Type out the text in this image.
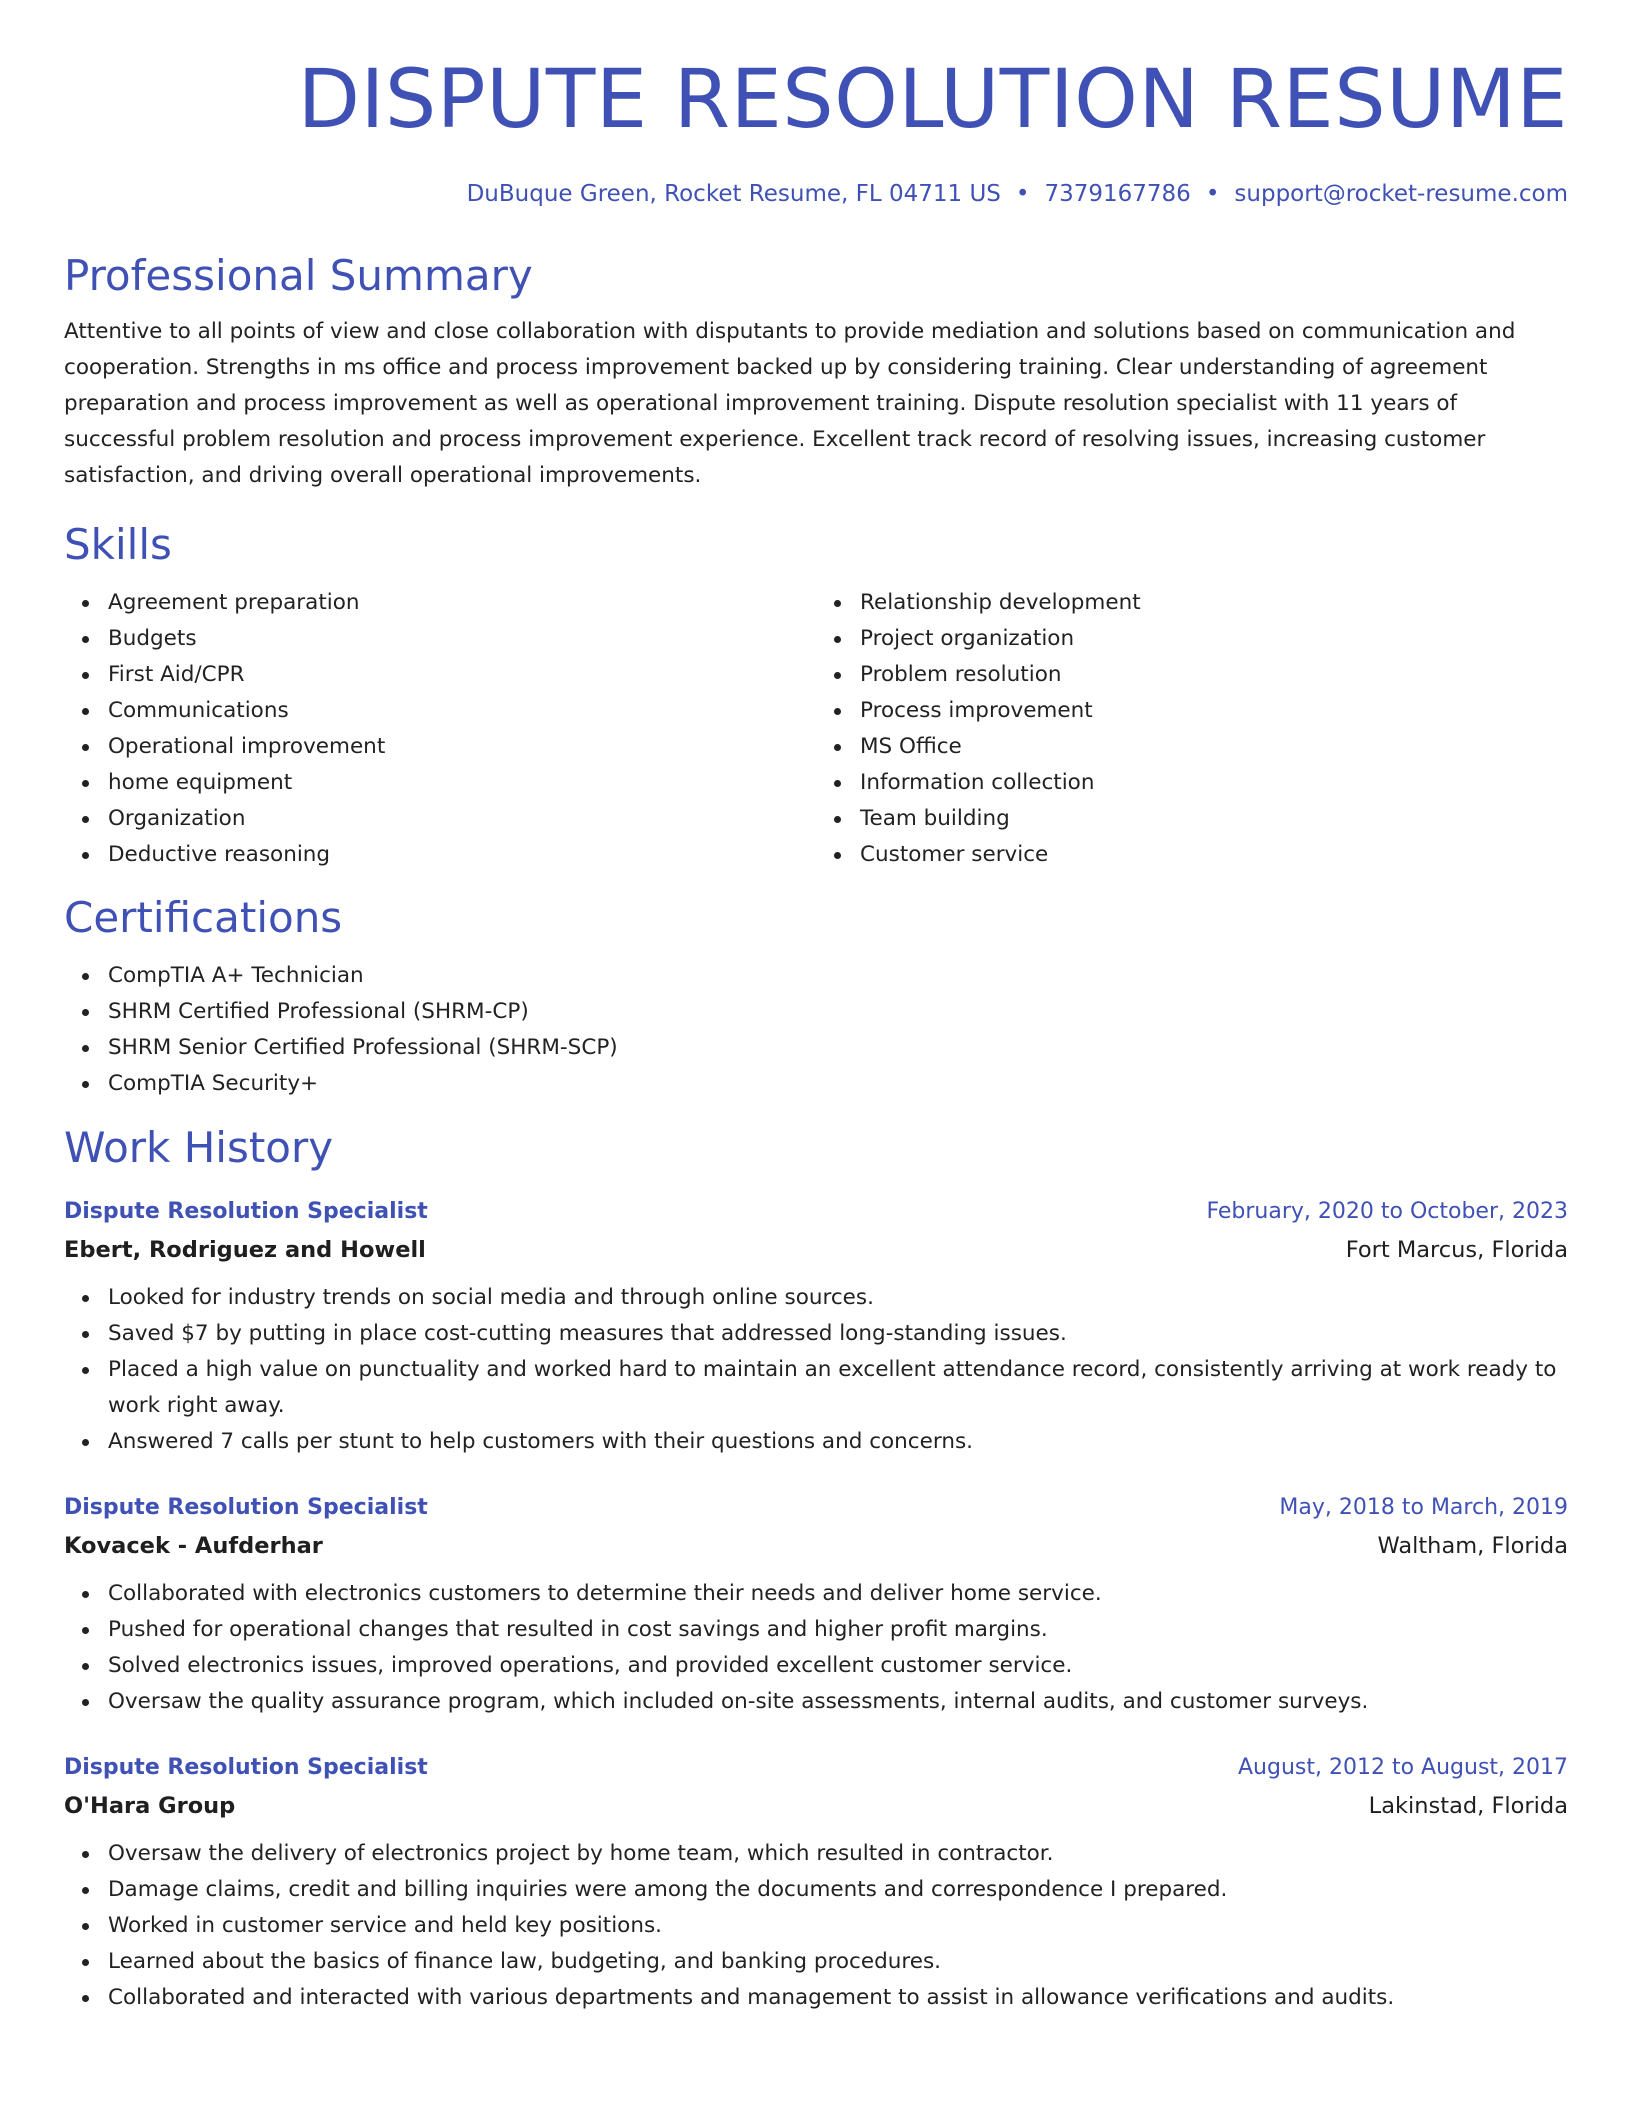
DISPUTE RESOLUTION RESUME
DuBuque Green, Rocket Resume, FL 04711 US • 7379167786 • support@rocket-resume.com
Professional Summary

Attentive to all points of view and close collaboration with disputants to provide mediation and solutions based on communication and cooperation. Strengths in ms office and process improvement backed up by considering training. Clear understanding of agreement preparation and process improvement as well as operational improvement training. Dispute resolution specialist with 11 years of successful problem resolution and process improvement experience. Excellent track record of resolving issues, increasing customer satisfaction, and driving overall operational improvements.

Skills
Agreement preparation
Budgets
First Aid/CPR
Communications
Operational improvement
home equipment
Organization
Deductive reasoning
Relationship development
Project organization
Problem resolution
Process improvement
MS Office
Information collection
Team building
Customer service
Certifications
CompTIA A+ Technician
SHRM Certified Professional (SHRM-CP)
SHRM Senior Certified Professional (SHRM-SCP)
CompTIA Security+
Work History
Dispute Resolution Specialist	February, 2020 to October, 2023
Ebert, Rodriguez and Howell	Fort Marcus, Florida
Looked for industry trends on social media and through online sources.
Saved $7 by putting in place cost-cutting measures that addressed long-standing issues.
Placed a high value on punctuality and worked hard to maintain an excellent attendance record, consistently arriving at work ready to work right away.
Answered 7 calls per stunt to help customers with their questions and concerns.
Dispute Resolution Specialist	May, 2018 to March, 2019
Kovacek - Aufderhar	Waltham, Florida
Collaborated with electronics customers to determine their needs and deliver home service.
Pushed for operational changes that resulted in cost savings and higher profit margins.
Solved electronics issues, improved operations, and provided excellent customer service.
Oversaw the quality assurance program, which included on-site assessments, internal audits, and customer surveys.
Dispute Resolution Specialist	August, 2012 to August, 2017
O'Hara Group	Lakinstad, Florida
Oversaw the delivery of electronics project by home team, which resulted in contractor.
Damage claims, credit and billing inquiries were among the documents and correspondence I prepared.
Worked in customer service and held key positions.
Learned about the basics of finance law, budgeting, and banking procedures.
Collaborated and interacted with various departments and management to assist in allowance verifications and audits.
